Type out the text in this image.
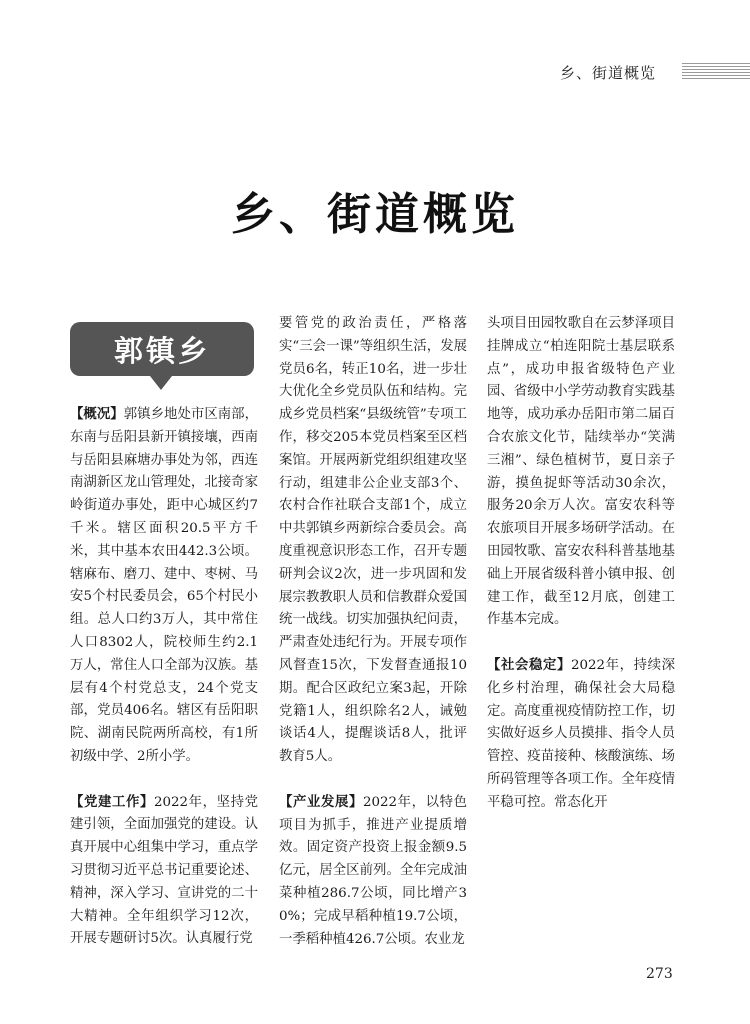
乡、街道概览
乡、街道概览
郭镇乡

【概况】郭镇乡地处市区南部，东南与岳阳县新开镇接壤，西南与岳阳县麻塘办事处为邻，西连南湖新区龙山管理处，北接奇家岭街道办事处，距中心城区约7千米。辖区面积20.5平方千米，其中基本农田442.3公顷。辖麻布、磨刀、建中、枣树、马安5个村民委员会，65个村民小组。总人口约3万人，其中常住人口8302人，院校师生约2.1万人，常住人口全部为汉族。基层有4个村党总支，24个党支部，党员406名。辖区有岳阳职院、湖南民院两所高校，有1所初级中学、2所小学。

【党建工作】2022年，坚持党建引领，全面加强党的建设。认真开展中心组集中学习，重点学习贯彻习近平总书记重要论述、精神，深入学习、宣讲党的二十大精神。全年组织学习12次，开展专题研讨5次。认真履行党

要管党的政治责任，严格落实“三会一课”等组织生活，发展党员6名，转正10名，进一步壮大优化全乡党员队伍和结构。完成乡党员档案“县级统管”专项工作，移交205本党员档案至区档案馆。开展两新党组织组建攻坚行动，组建非公企业支部3个、农村合作社联合支部1个，成立中共郭镇乡两新综合委员会。高度重视意识形态工作，召开专题研判会议2次，进一步巩固和发展宗教教职人员和信教群众爱国统一战线。切实加强执纪问责，严肃查处违纪行为。开展专项作风督查15次，下发督查通报10期。配合区政纪立案3起，开除党籍1人，组织除名2人，诫勉谈话4人，提醒谈话8人，批评教育5人。

【产业发展】2022年，以特色项目为抓手，推进产业提质增效。固定资产投资上报金额9.5亿元，居全区前列。全年完成油菜种植286.7公顷，同比增产30%；完成早稻种植19.7公顷，一季稻种植426.7公顷。农业龙

头项目田园牧歌自在云梦泽项目挂牌成立“柏连阳院士基层联系点”，成功申报省级特色产业园、省级中小学劳动教育实践基地等，成功承办岳阳市第二届百合农旅文化节，陆续举办“笑满三湘”、绿色植树节，夏日亲子游，摸鱼捉虾等活动30余次，服务20余万人次。富安农科等农旅项目开展多场研学活动。在田园牧歌、富安农科科普基地基础上开展省级科普小镇申报、创建工作，截至12月底，创建工作基本完成。

【社会稳定】2022年，持续深化乡村治理，确保社会大局稳定。高度重视疫情防控工作，切实做好返乡人员摸排、指令人员管控、疫苗接种、核酸演练、场所码管理等各项工作。全年疫情平稳可控。常态化开

273
